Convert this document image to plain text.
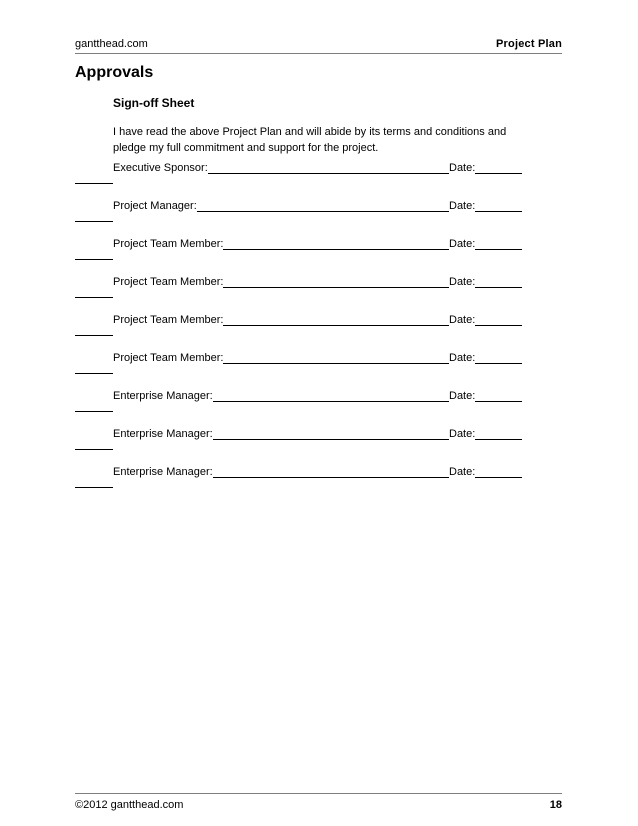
gantthead.com	Project Plan
Approvals
Sign-off Sheet
I have read the above Project Plan and will abide by its terms and conditions and pledge my full commitment and support for the project.
Executive Sponsor:	Date:
Project Manager:	Date:
Project Team Member:	Date:
Project Team Member:	Date:
Project Team Member:	Date:
Project Team Member:	Date:
Enterprise Manager:	Date:
Enterprise Manager:	Date:
Enterprise Manager:	Date:
©2012 gantthead.com	18
